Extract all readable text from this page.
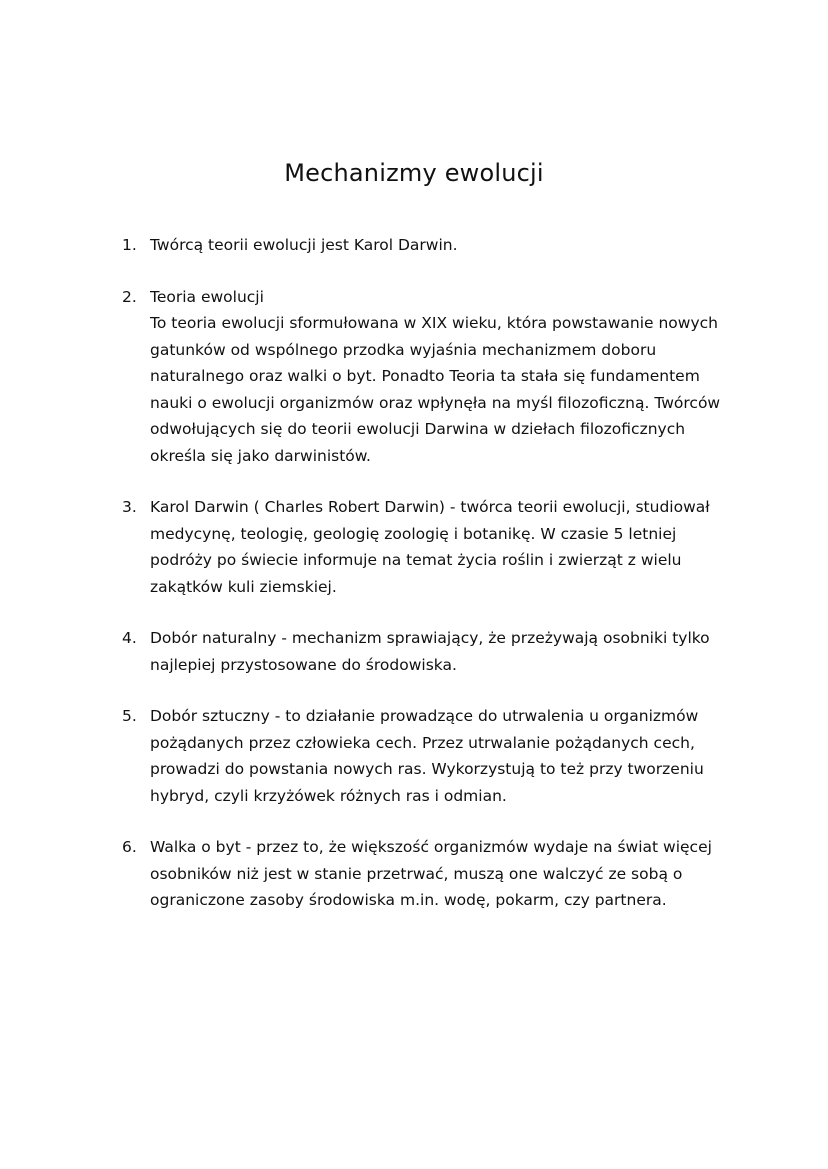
Mechanizmy ewolucji
1. Twórcą teorii ewolucji jest Karol Darwin.
2. Teoria ewolucji
To teoria ewolucji sformułowana w XIX wieku, która powstawanie nowych
gatunków od wspólnego przodka wyjaśnia mechanizmem doboru
naturalnego oraz walki o byt. Ponadto Teoria ta stała się fundamentem
nauki o ewolucji organizmów oraz wpłynęła na myśl filozoficzną. Twórców
odwołujących się do teorii ewolucji Darwina w dziełach filozoficznych
określa się jako darwinistów.
3. Karol Darwin ( Charles Robert Darwin) - twórca teorii ewolucji, studiował
medycynę, teologię, geologię zoologię i botanikę. W czasie 5 letniej
podróży po świecie informuje na temat życia roślin i zwierząt z wielu
zakątków kuli ziemskiej.
4. Dobór naturalny - mechanizm sprawiający, że przeżywają osobniki tylko
najlepiej przystosowane do środowiska.
5. Dobór sztuczny - to działanie prowadzące do utrwalenia u organizmów
pożądanych przez człowieka cech. Przez utrwalanie pożądanych cech,
prowadzi do powstania nowych ras. Wykorzystują to też przy tworzeniu
hybryd, czyli krzyżówek różnych ras i odmian.
6. Walka o byt - przez to, że większość organizmów wydaje na świat więcej
osobników niż jest w stanie przetrwać, muszą one walczyć ze sobą o
ograniczone zasoby środowiska m.in. wodę, pokarm, czy partnera.
